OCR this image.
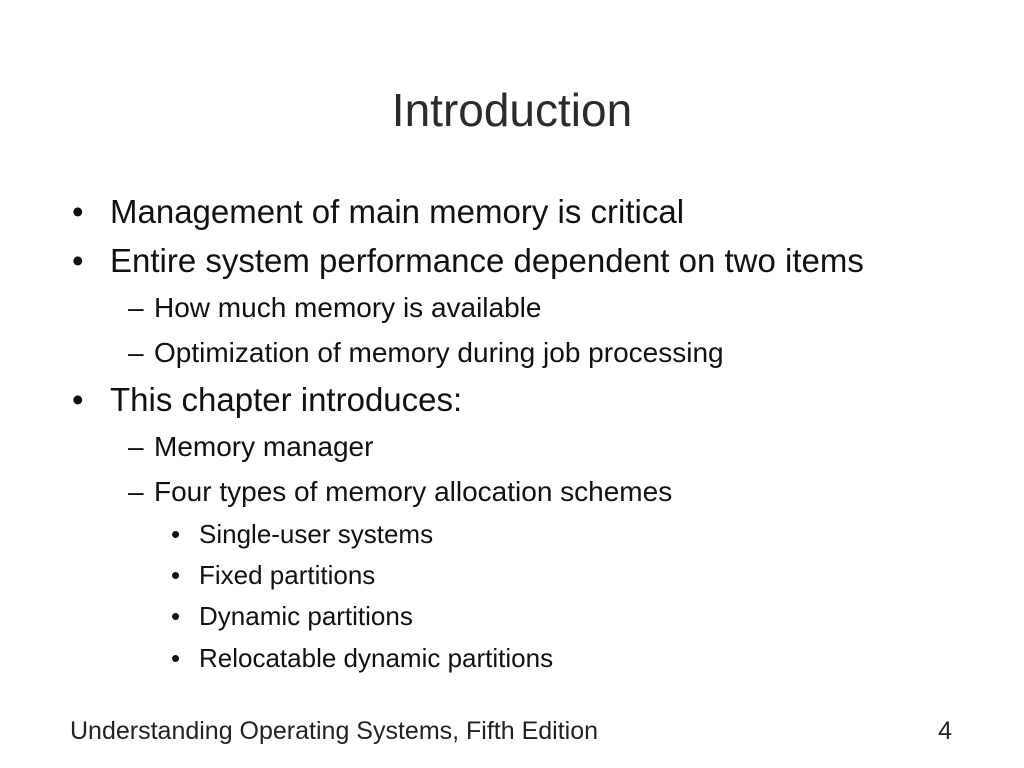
Introduction
• Management of main memory is critical
• Entire system performance dependent on two items
– How much memory is available
– Optimization of memory during job processing
• This chapter introduces:
– Memory manager
– Four types of memory allocation schemes
• Single-user systems
• Fixed partitions
• Dynamic partitions
• Relocatable dynamic partitions
Understanding Operating Systems, Fifth Edition	4
